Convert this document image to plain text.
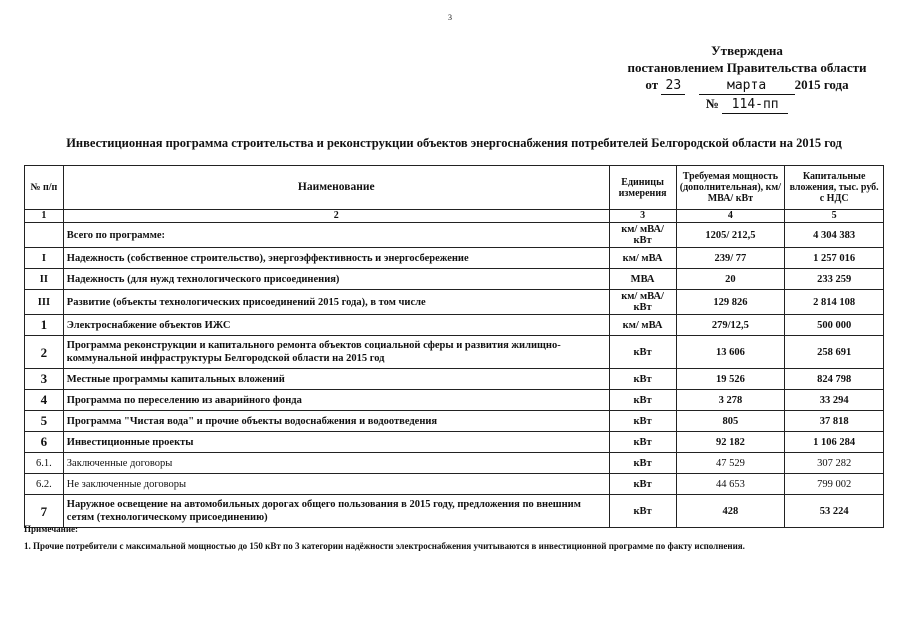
3
Утверждена
постановлением Правительства области
от 23	марта 2015 года
№ 114-пп
Инвестиционная программа строительства и реконструкции объектов энергоснабжения потребителей Белгородской области на 2015 год
№ п/п	Наименование	Единицы измерения	Требуемая мощность (дополнительная), км/ МВА/ кВт	Капитальные вложения, тыс. руб. с НДС
1	2	3	4	5
	Всего по программе:	км/ мВА/ кВт	1205/ 212,5	4 304 383
I	Надежность (собственное строительство), энергоэффективность и энергосбережение	км/ мВА	239/ 77	1 257 016
II	Надежность (для нужд технологического присоединения)	МВА	20	233 259
III	Развитие (объекты технологических присоединений 2015 года), в том числе	км/ мВА/ кВт	129 826	2 814 108
1	Электроснабжение объектов ИЖС	км/ мВА	279/12,5	500 000
2	Программа реконструкции и капитального ремонта объектов социальной сферы и развития жилищно-коммунальной инфраструктуры Белгородской области на 2015 год	кВт	13 606	258 691
3	Местные программы капитальных вложений	кВт	19 526	824 798
4	Программа по переселению из аварийного фонда	кВт	3 278	33 294
5	Программа "Чистая вода" и прочие объекты водоснабжения и водоотведения	кВт	805	37 818
6	Инвестиционные проекты	кВт	92 182	1 106 284
6.1.	Заключенные договоры	кВт	47 529	307 282
6.2.	Не заключенные договоры	кВт	44 653	799 002
7	Наружное освещение на автомобильных дорогах общего пользования в 2015 году, предложения по внешним сетям (технологическому присоединению)	кВт	428	53 224
Примечание:
1. Прочие потребители с максимальной мощностью до 150 кВт по 3 категории надёжности электроснабжения учитываются в инвестиционной программе по факту исполнения.
